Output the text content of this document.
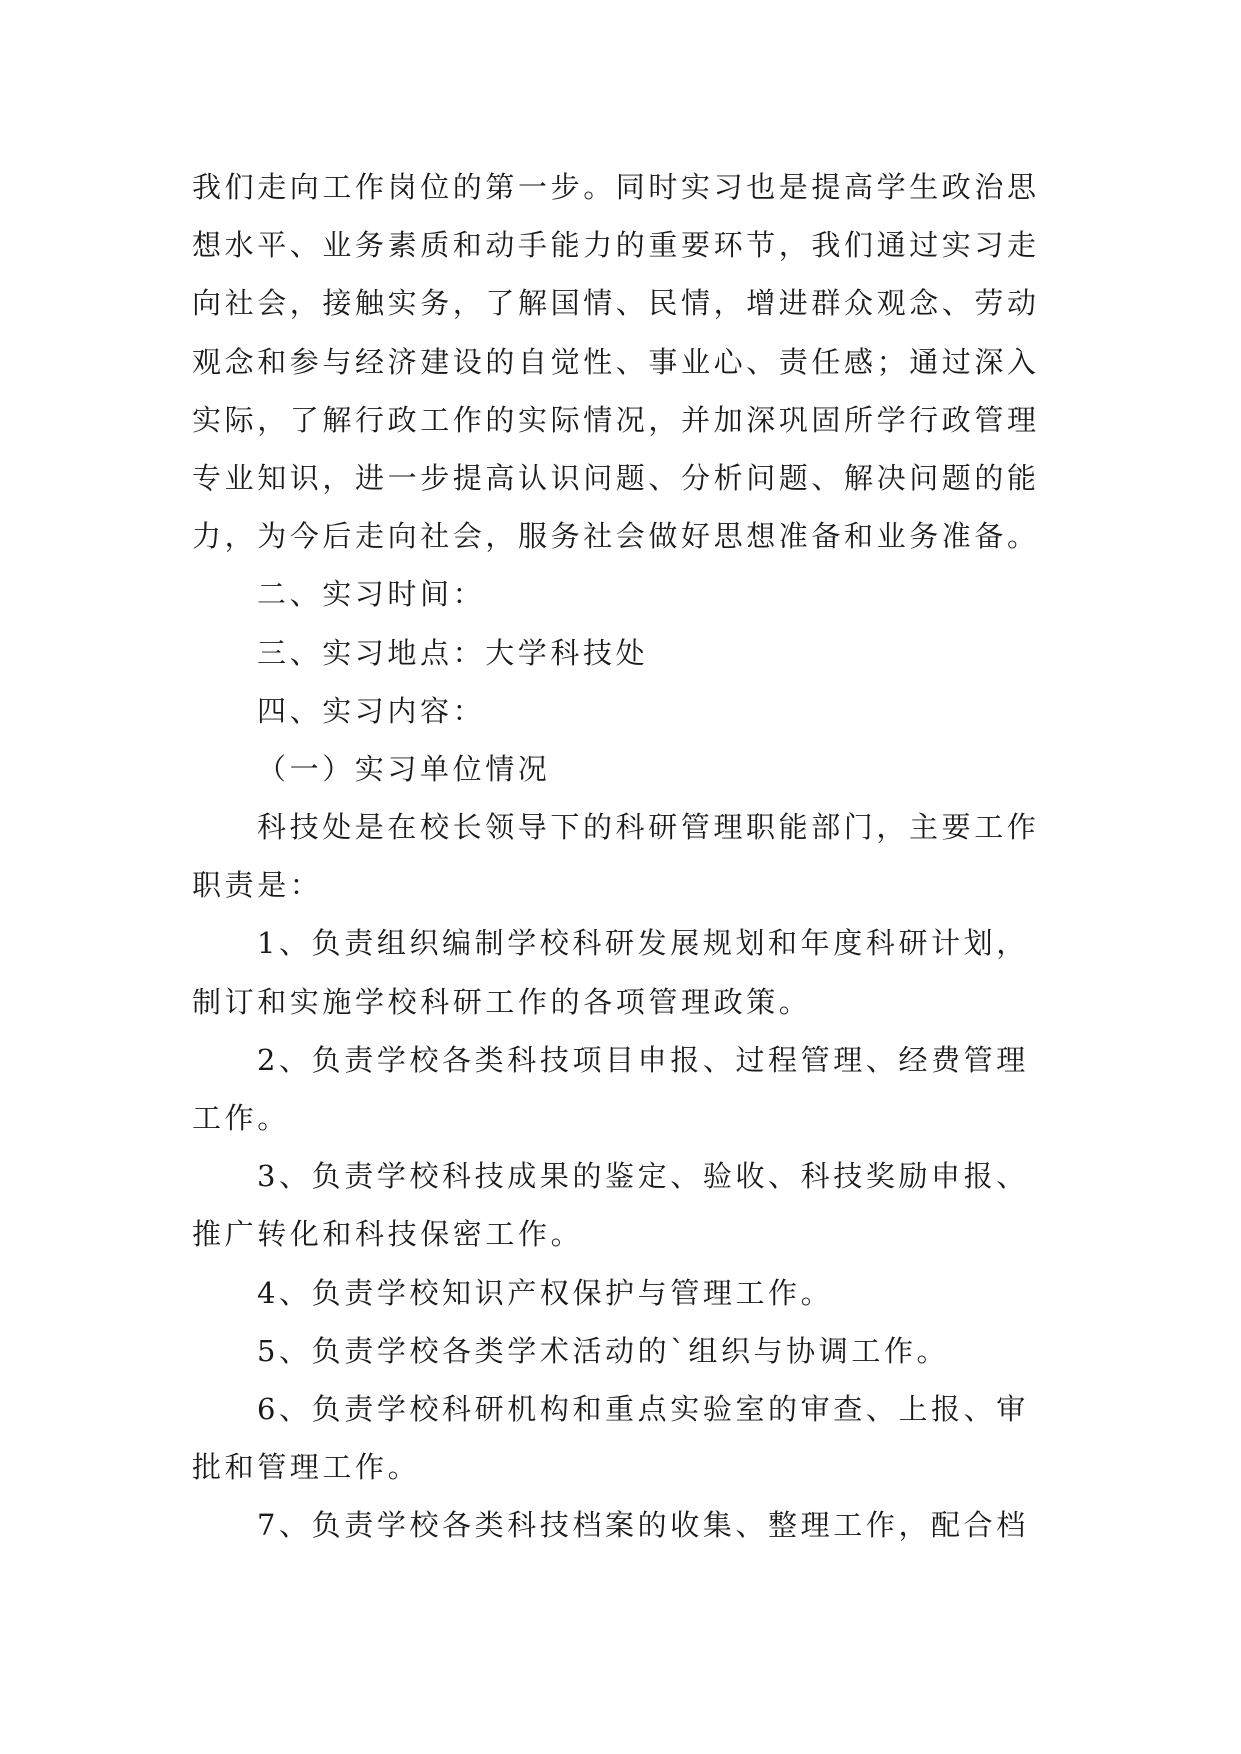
我们走向工作岗位的第一步。同时实习也是提高学生政治思
想水平、业务素质和动手能力的重要环节，我们通过实习走
向社会，接触实务，了解国情、民情，增进群众观念、劳动
观念和参与经济建设的自觉性、事业心、责任感；通过深入
实际，了解行政工作的实际情况，并加深巩固所学行政管理
专业知识，进一步提高认识问题、分析问题、解决问题的能
力，为今后走向社会，服务社会做好思想准备和业务准备。
二、实习时间：
三、实习地点：大学科技处
四、实习内容：
（一）实习单位情况
科技处是在校长领导下的科研管理职能部门，主要工作
职责是：
1、负责组织编制学校科研发展规划和年度科研计划，
制订和实施学校科研工作的各项管理政策。
2、负责学校各类科技项目申报、过程管理、经费管理
工作。
3、负责学校科技成果的鉴定、验收、科技奖励申报、
推广转化和科技保密工作。
4、负责学校知识产权保护与管理工作。
5、负责学校各类学术活动的`组织与协调工作。
6、负责学校科研机构和重点实验室的审查、上报、审
批和管理工作。
7、负责学校各类科技档案的收集、整理工作，配合档
